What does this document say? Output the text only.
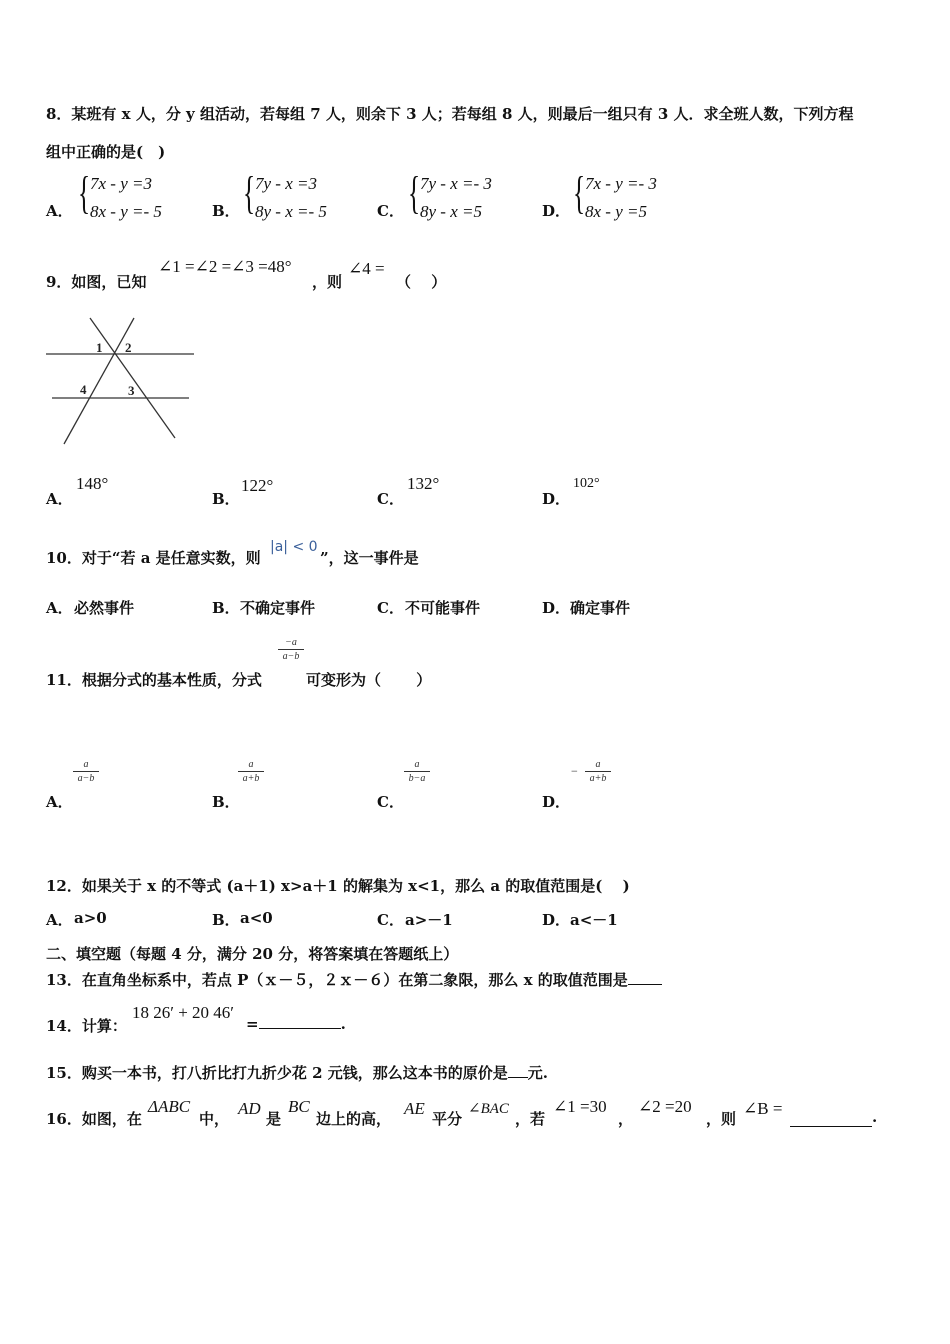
8．某班有 x 人，分 y 组活动，若每组 7 人，则余下 3 人；若每组 8 人，则最后一组只有 3 人．求全班人数，下列方程
组中正确的是(　)
A． { 7x - y =3
8x - y =- 5	B． { 7y - x =3
8y - x =- 5	C． { 7y - x =- 3
8y - x =5	D． { 7x - y =- 3
8x - y =5
9．如图，已知
∠1 =∠2 =∠3 =48°
，则
∠4 =
（　 ）
1 2
3
4
A．
148°
B．
122°
C．
132°
D．
102°
10．对于“若 a 是任意实数，则
|a| < 0
”，这一事件是
A． 必然事件	B． 不确定事件	C． 不可能事件	D． 确定事件
11．根据分式的基本性质，分式
−a
a−b
可变形为（　　 ）
A．
a
a−b
B．
a
a+b
C．
a
b−a
D．
−	a
a+b
12．如果关于 x 的不等式 (a＋1) x>a＋1 的解集为 x<1，那么 a 的取值范围是(　 )
A． a>0	B． a<0	C． a>－1	D． a<－1
二、填空题（每题 4 分，满分 20 分，将答案填在答题纸上）
13．在直角坐标系中，若点 P（ｘ－５，２ｘ－６）在第二象限，那么 x 的取值范围是
14．计算：
18 26′ + 20 46′
=	.
15．购买一本书，打八折比打九折少花 2 元钱，那么这本书的原价是 元.
16．如图，在
ΔABC
中，
AD
是
BC
边上的高，
AE
平分
∠BAC
，若
∠1 =30
，
∠2 =20
，则
∠B =	.
